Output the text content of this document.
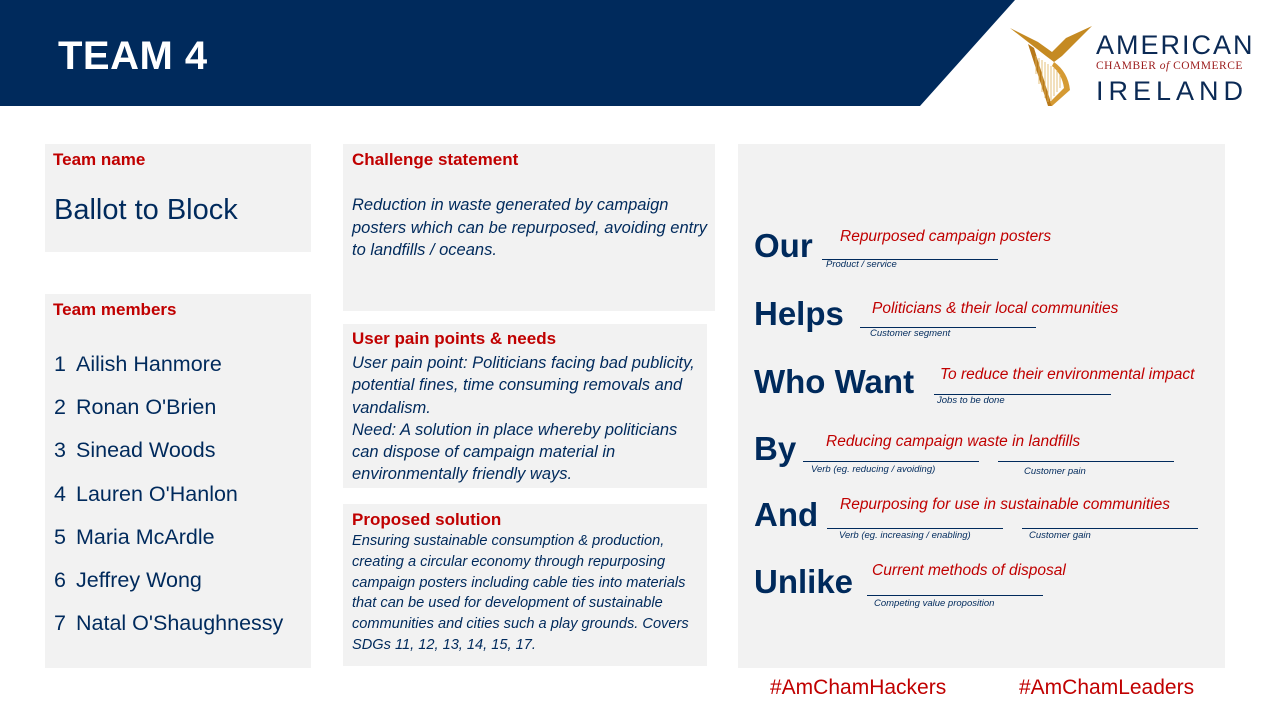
TEAM 4	AMERICAN
CHAMBER of COMMERCE
IRELAND
Team name
Ballot to Block
Team members
1 Ailish Hanmore
2 Ronan O'Brien
3 Sinead Woods
4 Lauren O'Hanlon
5 Maria McArdle
6 Jeffrey Wong
7 Natal O'Shaughnessy
Challenge statement
Reduction in waste generated by campaign posters which can be repurposed, avoiding entry to landfills / oceans.
User pain points & needs
User pain point: Politicians facing bad publicity, potential fines, time consuming removals and vandalism.
Need: A solution in place whereby politicians can dispose of campaign material in environmentally friendly ways.
Proposed solution
Ensuring sustainable consumption & production, creating a circular economy through repurposing campaign posters including cable ties into materials that can be used for development of sustainable communities and cities such a play grounds. Covers SDGs 11, 12, 13, 14, 15, 17.
Our Repurposed campaign posters
Product / service
Helps Politicians & their local communities
Customer segment
Who Want To reduce their environmental impact
Jobs to be done
By Reducing campaign waste in landfills
Verb (eg. reducing / avoiding)	Customer pain
And Repurposing for use in sustainable communities
Verb (eg. increasing / enabling)	Customer gain
Unlike Current methods of disposal
Competing value proposition
#AmChamHackers	#AmChamLeaders
